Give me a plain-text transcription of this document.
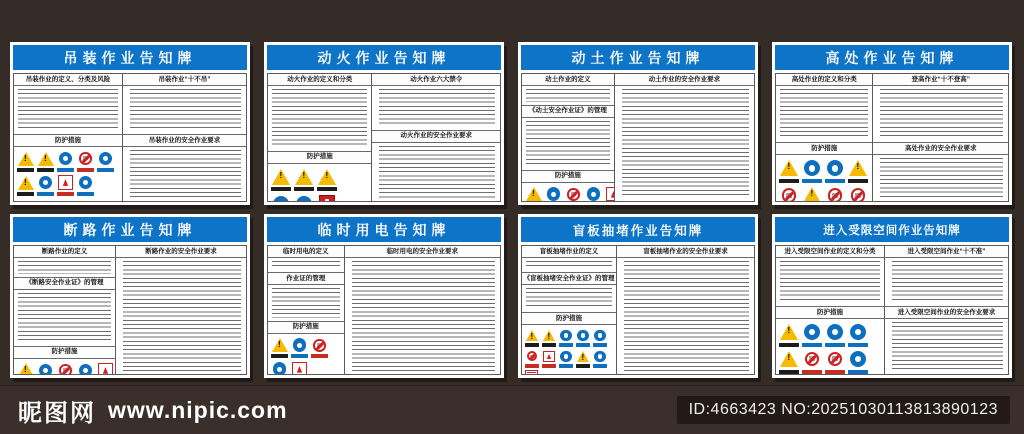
吊装作业告知牌
吊装作业的定义、分类及风险
防护措施
!
!
!
吊装作业“十不吊”
吊装作业的安全作业要求
动火作业告知牌
动火作业的定义和分类
防护措施
!
!
!
动火作业六大禁令
动火作业的安全作业要求
动土作业告知牌
动土作业的定义
《动土安全作业证》的管理
防护措施
!
动土作业的安全作业要求
高处作业告知牌
高处作业的定义和分类
防护措施
!
!
!
登高作业“十不登高”
高处作业的安全作业要求
断路作业告知牌
断路作业的定义
《断路安全作业证》的管理
防护措施
!
断路作业的安全作业要求
临时用电告知牌
临时用电的定义
作业证的管理
防护措施
!
临时用电的安全作业要求
盲板抽堵作业告知牌
盲板抽堵作业的定义
《盲板抽堵安全作业证》的管理
防护措施
!
!
!
盲板抽堵作业的安全作业要求
进入受限空间作业告知牌
进入受限空间作业的定义和分类
防护措施
!
!
进入受限空间作业“十不准”
进入受限空间作业的安全作业要求
昵图网 www.nipic.com	ID:4663423 NO:20251030113813890123
